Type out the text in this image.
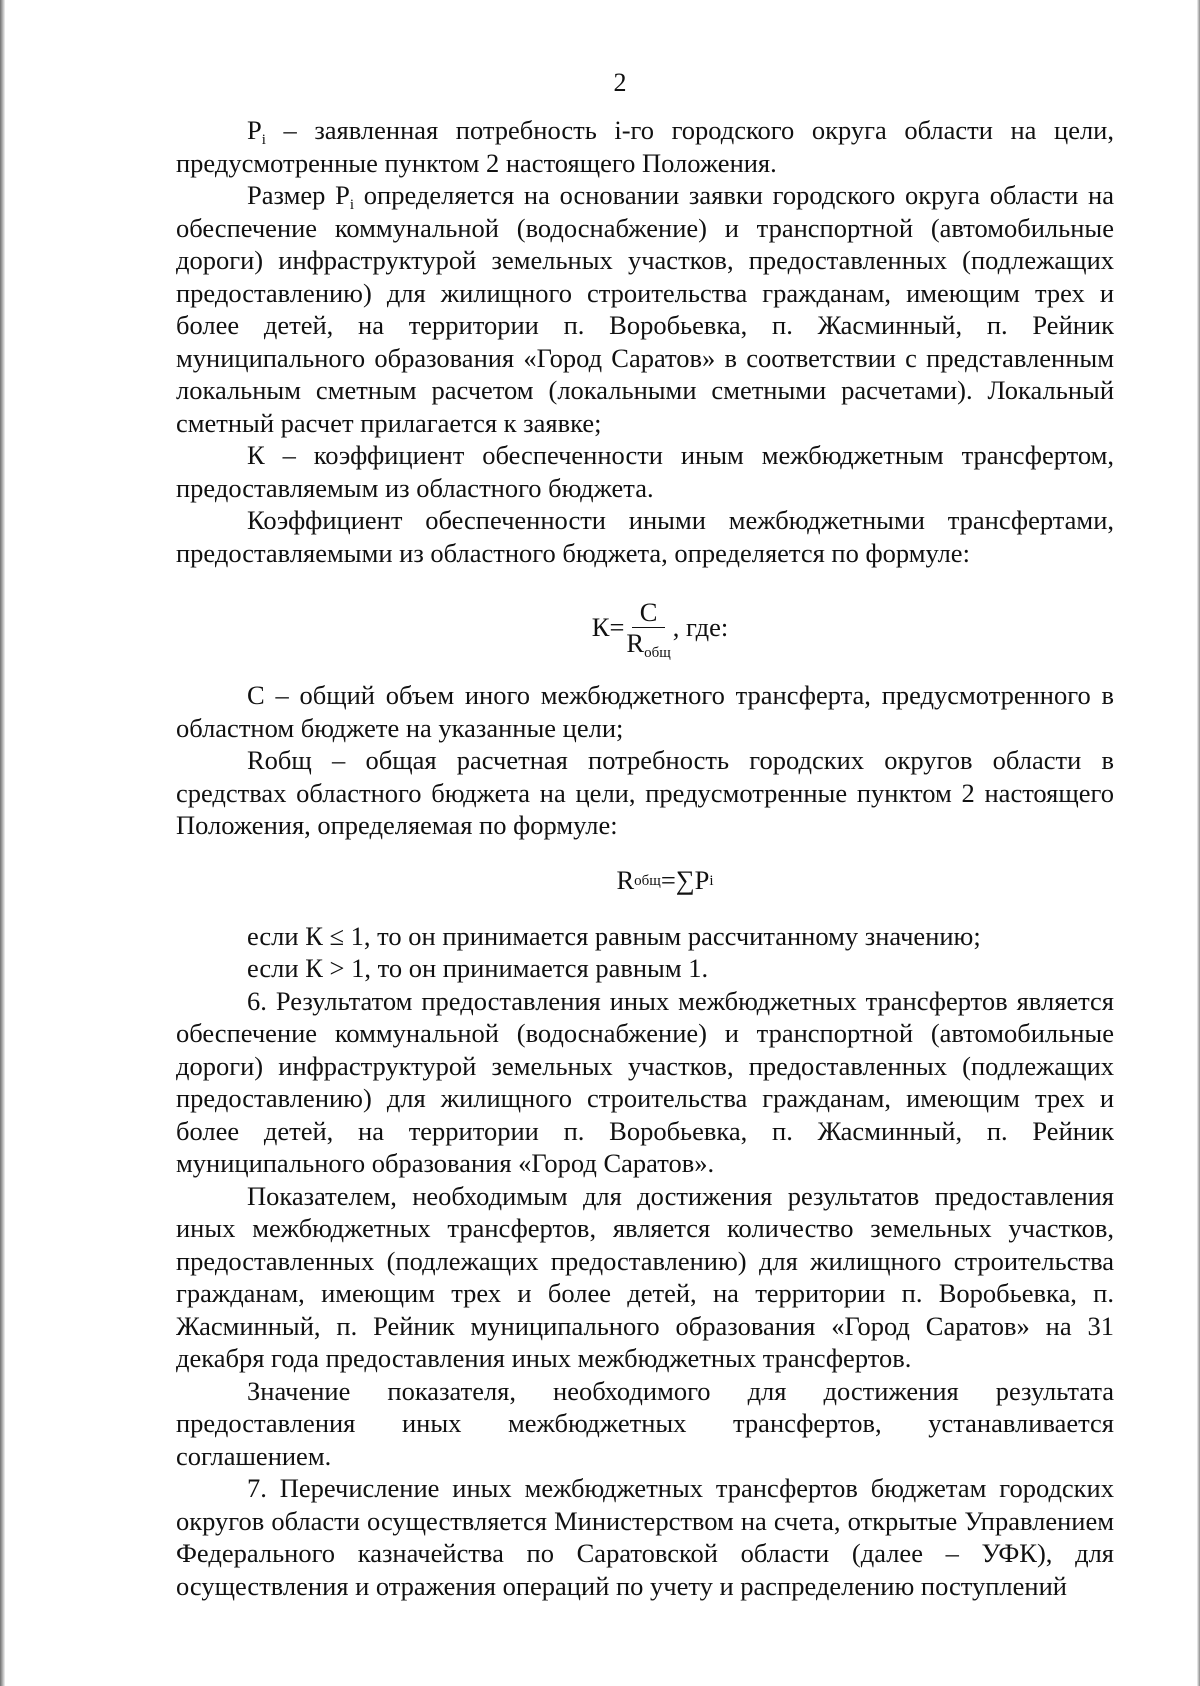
2

$P_i$ – заявленная потребность i-го городского округа области на цели, предусмотренные пунктом 2 настоящего Положения.

Размер $P_i$ определяется на основании заявки городского округа области на обеспечение коммунальной (водоснабжение) и транспортной (автомобильные дороги) инфраструктурой земельных участков, предоставленных (подлежащих предоставлению) для жилищного строительства гражданам, имеющим трех и более детей, на территории п. Воробьевка, п. Жасминный, п. Рейник муниципального образования «Город Саратов» в соответствии с представленным локальным сметным расчетом (локальными сметными расчетами). Локальный сметный расчет прилагается к заявке;

К – коэффициент обеспеченности иным межбюджетным трансфертом, предоставляемым из областного бюджета.

Коэффициент обеспеченности иными межбюджетными трансфертами, предоставляемыми из областного бюджета, определяется по формуле:

$К= \frac{С}{R_{общ}}$ , где:

С – общий объем иного межбюджетного трансферта, предусмотренного в областном бюджете на указанные цели;

Rобщ – общая расчетная потребность городских округов области в средствах областного бюджета на цели, предусмотренные пунктом 2 настоящего Положения, определяемая по формуле:

R общ =∑P i

если К ≤ 1, то он принимается равным рассчитанному значению;

если К > 1, то он принимается равным 1.

6. Результатом предоставления иных межбюджетных трансфертов является обеспечение коммунальной (водоснабжение) и транспортной (автомобильные дороги) инфраструктурой земельных участков, предоставленных (подлежащих предоставлению) для жилищного строительства гражданам, имеющим трех и более детей, на территории п. Воробьевка, п. Жасминный, п. Рейник муниципального образования «Город Саратов».

Показателем, необходимым для достижения результатов предоставления иных межбюджетных трансфертов, является количество земельных участков, предоставленных (подлежащих предоставлению) для жилищного строительства гражданам, имеющим трех и более детей, на территории п. Воробьевка, п. Жасминный, п. Рейник муниципального образования «Город Саратов» на 31 декабря года предоставления иных межбюджетных трансфертов.

Значение показателя, необходимого для достижения результата предоставления иных межбюджетных трансфертов, устанавливается соглашением.

7. Перечисление иных межбюджетных трансфертов бюджетам городских округов области осуществляется Министерством на счета, открытые Управлением Федерального казначейства по Саратовской области (далее – УФК), для осуществления и отражения операций по учету и распределению поступлений
